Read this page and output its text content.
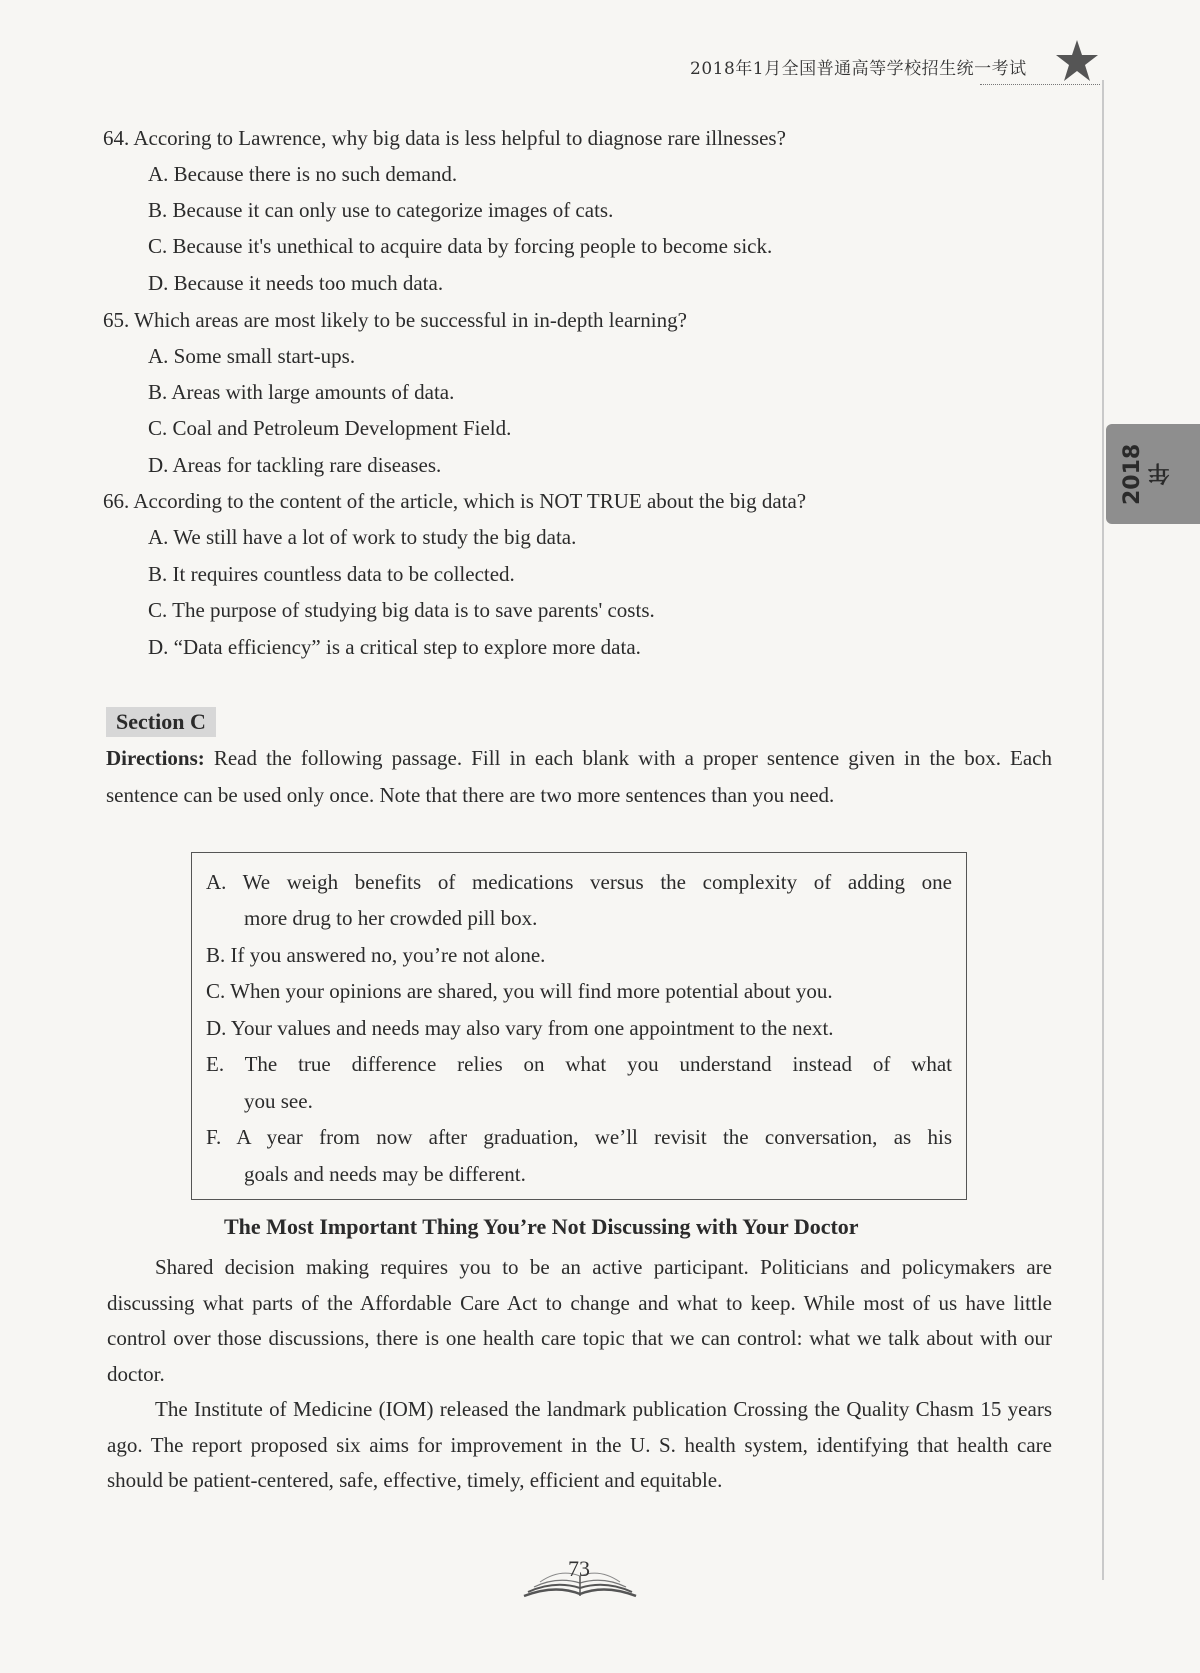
2018年1月全国普通高等学校招生统一考试
2018年
64. Accoring to Lawrence, why big data is less helpful to diagnose rare illnesses?
A. Because there is no such demand.
B. Because it can only use to categorize images of cats.
C. Because it's unethical to acquire data by forcing people to become sick.
D. Because it needs too much data.
65. Which areas are most likely to be successful in in-depth learning?
A. Some small start-ups.
B. Areas with large amounts of data.
C. Coal and Petroleum Development Field.
D. Areas for tackling rare diseases.
66. According to the content of the article, which is NOT TRUE about the big data?
A. We still have a lot of work to study the big data.
B. It requires countless data to be collected.
C. The purpose of studying big data is to save parents' costs.
D. “Data efficiency” is a critical step to explore more data.
Section C
Directions: Read the following passage. Fill in each blank with a proper sentence given in the box. Each sentence can be used only once. Note that there are two more sentences than you need.
A. We weigh benefits of medications versus the complexity of adding one
more drug to her crowded pill box.
B. If you answered no, you’re not alone.
C. When your opinions are shared, you will find more potential about you.
D. Your values and needs may also vary from one appointment to the next.
E. The true difference relies on what you understand instead of what
you see.
F. A year from now after graduation, we’ll revisit the conversation, as his
goals and needs may be different.
The Most Important Thing You’re Not Discussing with Your Doctor
Shared decision making requires you to be an active participant. Politicians and policymakers are discussing what parts of the Affordable Care Act to change and what to keep. While most of us have little control over those discussions, there is one health care topic that we can control: what we talk about with our doctor.
The Institute of Medicine (IOM) released the landmark publication Crossing the Quality Chasm 15 years ago. The report proposed six aims for improvement in the U. S. health system, identifying that health care should be patient-centered, safe, effective, timely, efficient and equitable.
73
